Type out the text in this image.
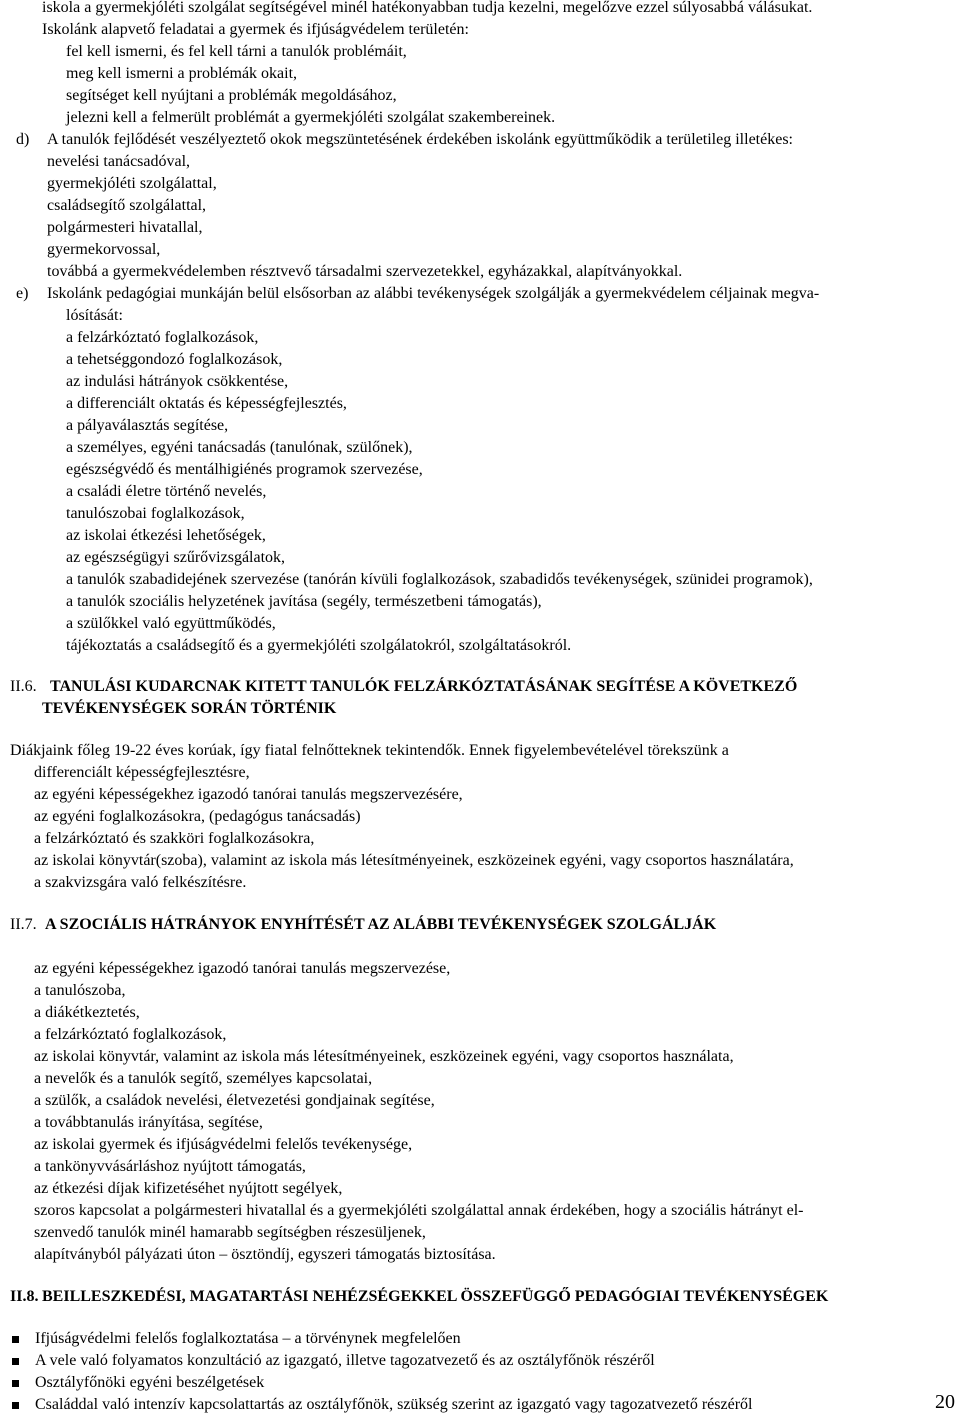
iskola a gyermekjóléti szolgálat segítségével minél hatékonyabban tudja kezelni, megelőzve ezzel súlyosabbá válásukat.
Iskolánk alapvető feladatai a gyermek és ifjúságvédelem területén:
fel kell ismerni, és fel kell tárni a tanulók problémáit,
meg kell ismerni a problémák okait,
segítséget kell nyújtani a problémák megoldásához,
jelezni kell a felmerült problémát a gyermekjóléti szolgálat szakembereinek.
d) A tanulók fejlődését veszélyeztető okok megszüntetésének érdekében iskolánk együttműködik a területileg illetékes:
nevelési tanácsadóval,
gyermekjóléti szolgálattal,
családsegítő szolgálattal,
polgármesteri hivatallal,
gyermekorvossal,
továbbá a gyermekvédelemben résztvevő társadalmi szervezetekkel, egyházakkal, alapítványokkal.
e) Iskolánk pedagógiai munkáján belül elsősorban az alábbi tevékenységek szolgálják a gyermekvédelem céljainak megva-
lósítását:
a felzárkóztató foglalkozások,
a tehetséggondozó foglalkozások,
az indulási hátrányok csökkentése,
a differenciált oktatás és képességfejlesztés,
a pályaválasztás segítése,
a személyes, egyéni tanácsadás (tanulónak, szülőnek),
egészségvédő és mentálhigiénés programok szervezése,
a családi életre történő nevelés,
tanulószobai foglalkozások,
az iskolai étkezési lehetőségek,
az egészségügyi szűrővizsgálatok,
a tanulók szabadidejének szervezése (tanórán kívüli foglalkozások, szabadidős tevékenységek, szünidei programok),
a tanulók szociális helyzetének javítása (segély, természetbeni támogatás),
a szülőkkel való együttműködés,
tájékoztatás a családsegítő és a gyermekjóléti szolgálatokról, szolgáltatásokról.
II.6. TANULÁSI KUDARCNAK KITETT TANULÓK FELZÁRKÓZTATÁSÁNAK SEGÍTÉSE A KÖVETKEZŐ
TEVÉKENYSÉGEK SORÁN TÖRTÉNIK
Diákjaink főleg 19-22 éves korúak, így fiatal felnőtteknek tekintendők. Ennek figyelembevételével törekszünk a
differenciált képességfejlesztésre,
az egyéni képességekhez igazodó tanórai tanulás megszervezésére,
az egyéni foglalkozásokra, (pedagógus tanácsadás)
a felzárkóztató és szakköri foglalkozásokra,
az iskolai könyvtár(szoba), valamint az iskola más létesítményeinek, eszközeinek egyéni, vagy csoportos használatára,
a szakvizsgára való felkészítésre.
II.7. A SZOCIÁLIS HÁTRÁNYOK ENYHÍTÉSÉT AZ ALÁBBI TEVÉKENYSÉGEK SZOLGÁLJÁK
az egyéni képességekhez igazodó tanórai tanulás megszervezése,
a tanulószoba,
a diákétkeztetés,
a felzárkóztató foglalkozások,
az iskolai könyvtár, valamint az iskola más létesítményeinek, eszközeinek egyéni, vagy csoportos használata,
a nevelők és a tanulók segítő, személyes kapcsolatai,
a szülők, a családok nevelési, életvezetési gondjainak segítése,
a továbbtanulás irányítása, segítése,
az iskolai gyermek és ifjúságvédelmi felelős tevékenysége,
a tankönyvvásárláshoz nyújtott támogatás,
az étkezési díjak kifizetéséhet nyújtott segélyek,
szoros kapcsolat a polgármesteri hivatallal és a gyermekjóléti szolgálattal annak érdekében, hogy a szociális hátrányt el-
szenvedő tanulók minél hamarabb segítségben részesüljenek,
alapítványból pályázati úton – ösztöndíj, egyszeri támogatás biztosítása.
II.8. BEILLESZKEDÉSI, MAGATARTÁSI NEHÉZSÉGEKKEL ÖSSZEFÜGGŐ PEDAGÓGIAI TEVÉKENYSÉGEK
Ifjúságvédelmi felelős foglalkoztatása – a törvénynek megfelelően
A vele való folyamatos konzultáció az igazgató, illetve tagozatvezető és az osztályfőnök részéről
Osztályfőnöki egyéni beszélgetések
Családdal való intenzív kapcsolattartás az osztályfőnök, szükség szerint az igazgató vagy tagozatvezető részéről	20
